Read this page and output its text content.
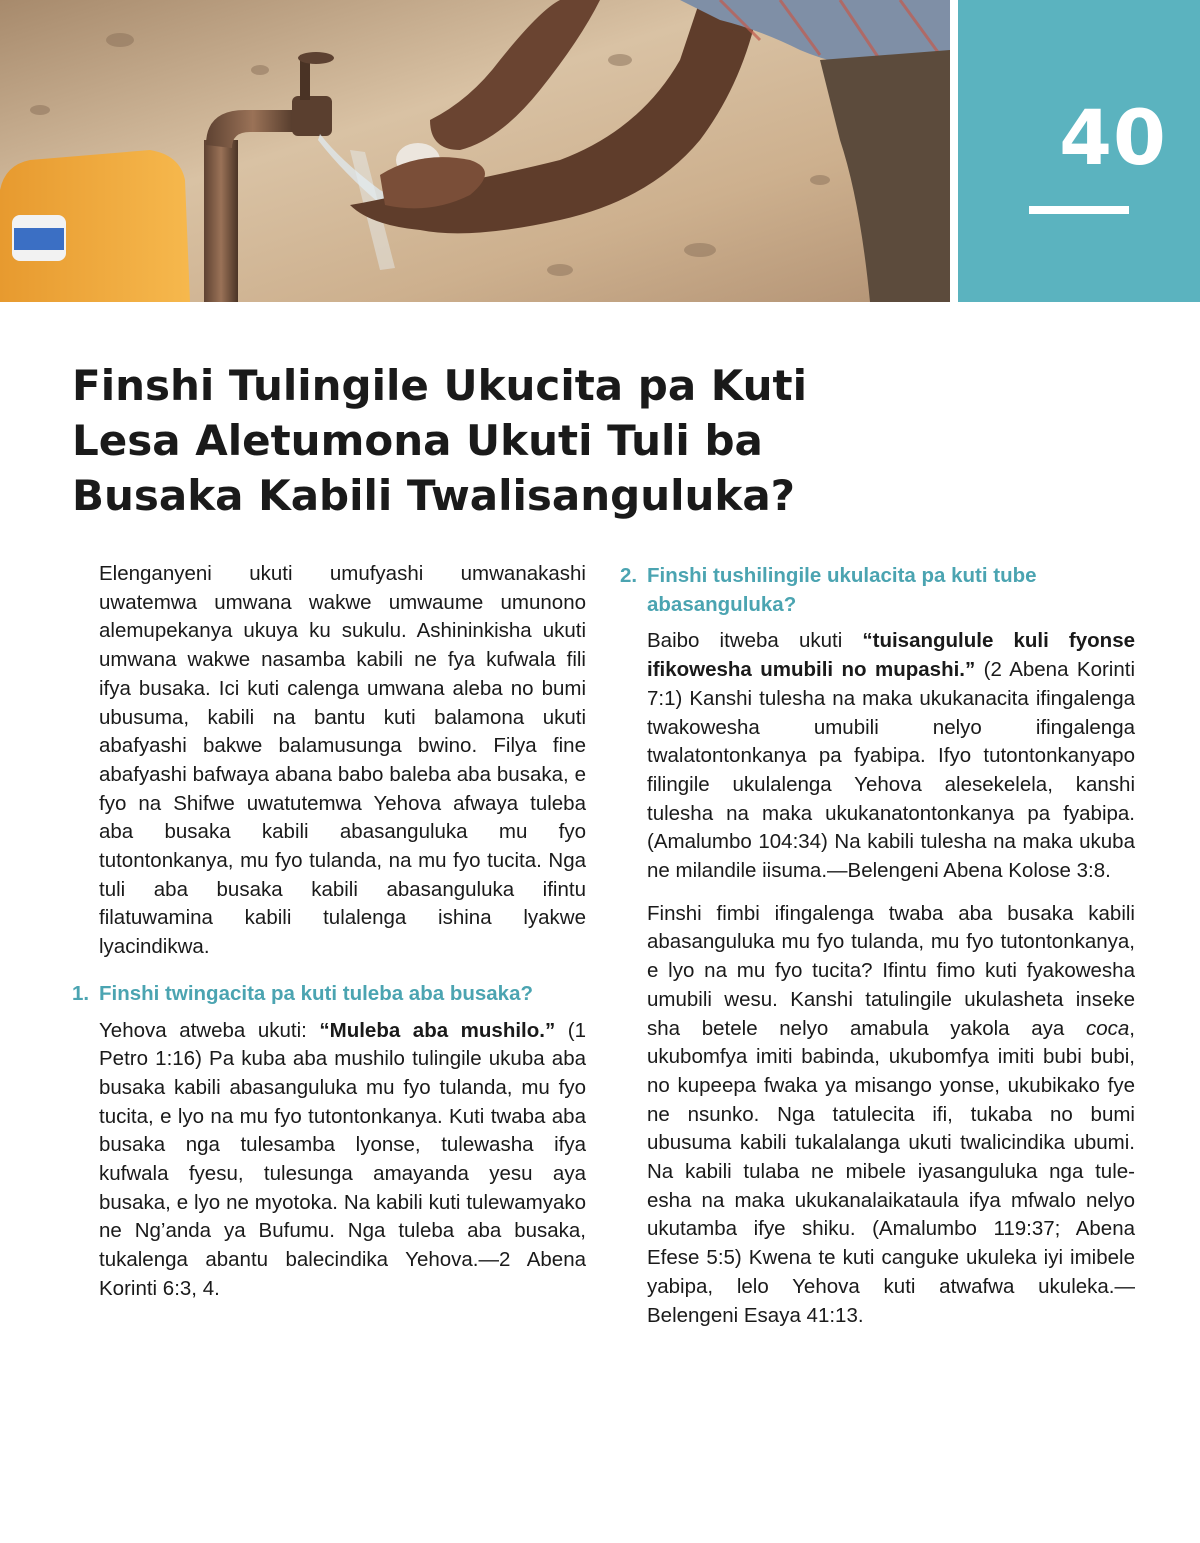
40
Finshi Tulingile Ukucita pa Kuti
Lesa Aletumona Ukuti Tuli ba
Busaka Kabili Twalisanguluka?

Elenganyeni ukuti umufyashi umwanakashi uwatemwa umwana wakwe umwaume umunono alemupekanya ukuya ku sukulu. Ashininkisha ukuti umwana wakwe nasamba kabili ne fya kufwala fili ifya busaka. Ici kuti calenga umwana aleba no bumi ubusuma, kabili na bantu kuti balamona ukuti abafyashi bakwe balamusunga bwino. Filya fine abafyashi bafwaya abana babo baleba aba busaka, e fyo na Shifwe uwatutemwa Yehova afwaya tuleba aba busaka kabili abasanguluka mu fyo tutontonkanya, mu fyo tulanda, na mu fyo tucita. Nga tuli aba busaka kabili abasanguluka ifintu filatuwamina kabili tulalenga ishina lyakwe lyacindikwa.

1. Finshi twingacita pa kuti tuleba aba busaka?

Yehova atweba ukuti: “Muleba aba mushilo.” (1 Petro 1:16) Pa kuba aba mushilo tulingile ukuba aba busaka kabili abasanguluka mu fyo tulanda, mu fyo tucita, e lyo na mu fyo tutontonkanya. Kuti twaba aba busaka nga tulesamba lyonse, tulewasha ifya kufwala fyesu, tulesunga amayanda yesu aya busaka, e lyo ne myotoka. Na kabili kuti tulewamyako ne Ng’anda ya Bufumu. Nga tuleba aba busaka, tukalenga abantu balecindika Yehova.—2 Abena Korinti 6:3, 4.

2. Finshi tushilingile ukulacita pa kuti tube abasanguluka?

Baibo itweba ukuti “tuisangulule kuli fyonse ifikowesha umubili no mupashi.” (2 Abena Korinti 7:1) Kanshi tulesha na maka ukukanacita ifingalenga twakowesha umubili nelyo ifingalenga twalatontonkanya pa fyabipa. Ifyo tutontonkanyapo filingile ukulalenga Yehova alesekelela, kanshi tulesha na maka ukukanatontonkanya pa fyabipa. (Amalumbo 104:34) Na kabili tulesha na maka ukuba ne milandile iisuma.—Belengeni Abena Kolose 3:8.

Finshi fimbi ifingalenga twaba aba busaka kabili abasanguluka mu fyo tulanda, mu fyo tutontonkanya, e lyo na mu fyo tucita? Ifintu fimo kuti fyakowesha umubili wesu. Kanshi tatulingile ukulasheta inseke sha betele nelyo amabula yakola aya coca, ukubomfya imiti babinda, ukubomfya imiti bubi bubi, no kupeepa fwaka ya misango yonse, ukubikako fye ne nsunko. Nga tatulecita ifi, tukaba no bumi ubusuma kabili tukalalanga ukuti twalicindika ubumi. Na kabili tulaba ne mibele iyasanguluka nga tule-esha na maka ukukanalaikataula ifya mfwalo nelyo ukutamba ifye shiku. (Amalumbo 119:37; Abena Efese 5:5) Kwena te kuti canguke ukuleka iyi imibele yabipa, lelo Yehova kuti atwafwa ukuleka.—Belengeni Esaya 41:13.
